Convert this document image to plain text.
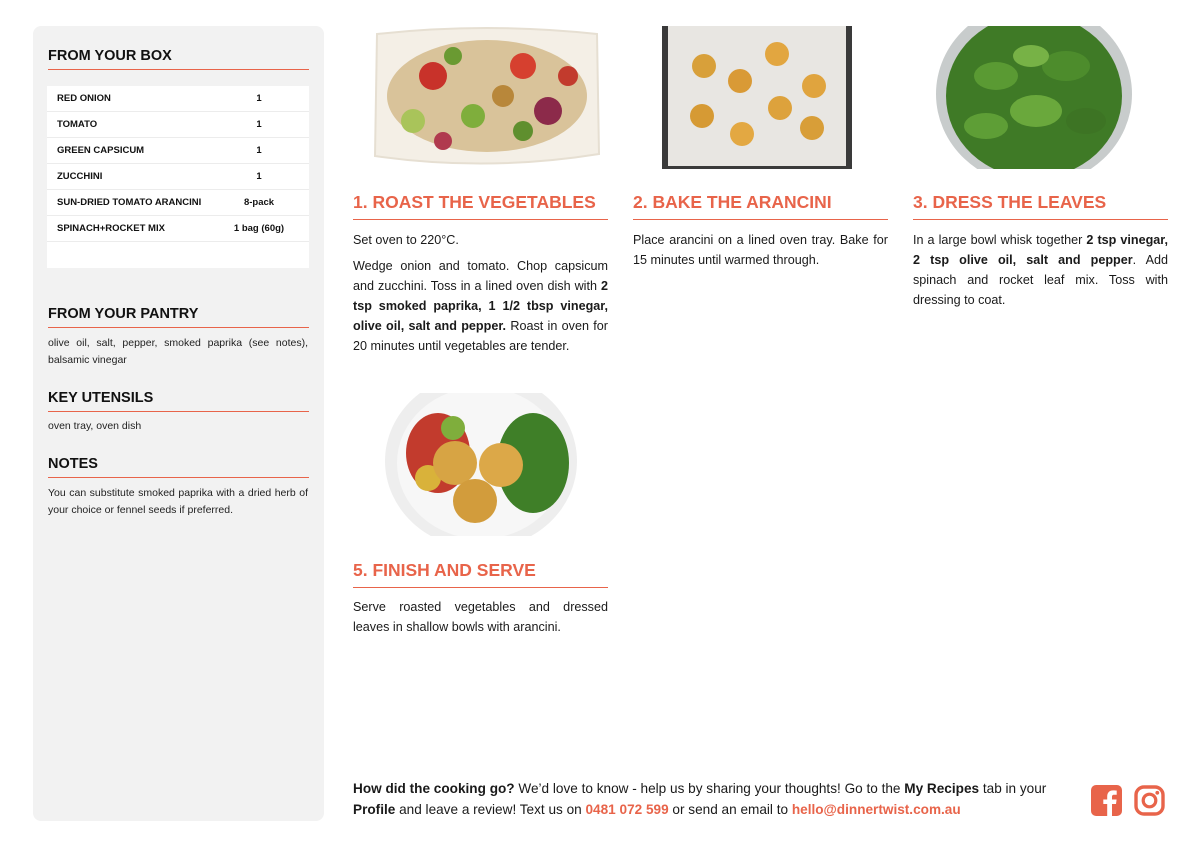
FROM YOUR BOX
RED ONION	1
TOMATO	1
GREEN CAPSICUM	1
ZUCCHINI	1
SUN-DRIED TOMATO ARANCINI	8-pack
SPINACH+ROCKET MIX	1 bag (60g)
FROM YOUR PANTRY
olive oil, salt, pepper, smoked paprika (see notes), balsamic vinegar
KEY UTENSILS
oven tray, oven dish
NOTES
You can substitute smoked paprika with a dried herb of your choice or fennel seeds if preferred.
1. ROAST THE VEGETABLES

Set oven to 220°C.

Wedge onion and tomato. Chop capsicum and zucchini. Toss in a lined oven dish with 2 tsp smoked paprika, 1 1/2 tbsp vinegar, olive oil, salt and pepper. Roast in oven for 20 minutes until vegetables are tender.

2. BAKE THE ARANCINI

Place arancini on a lined oven tray. Bake for 15 minutes until warmed through.

3. DRESS THE LEAVES

In a large bowl whisk together 2 tsp vinegar, 2 tsp olive oil, salt and pepper. Add spinach and rocket leaf mix. Toss with dressing to coat.

5. FINISH AND SERVE

Serve roasted vegetables and dressed leaves in shallow bowls with arancini.

How did the cooking go? We’d love to know - help us by sharing your thoughts! Go to the My Recipes tab in your Profile and leave a review! Text us on 0481 072 599 or send an email to hello@dinnertwist.com.au
